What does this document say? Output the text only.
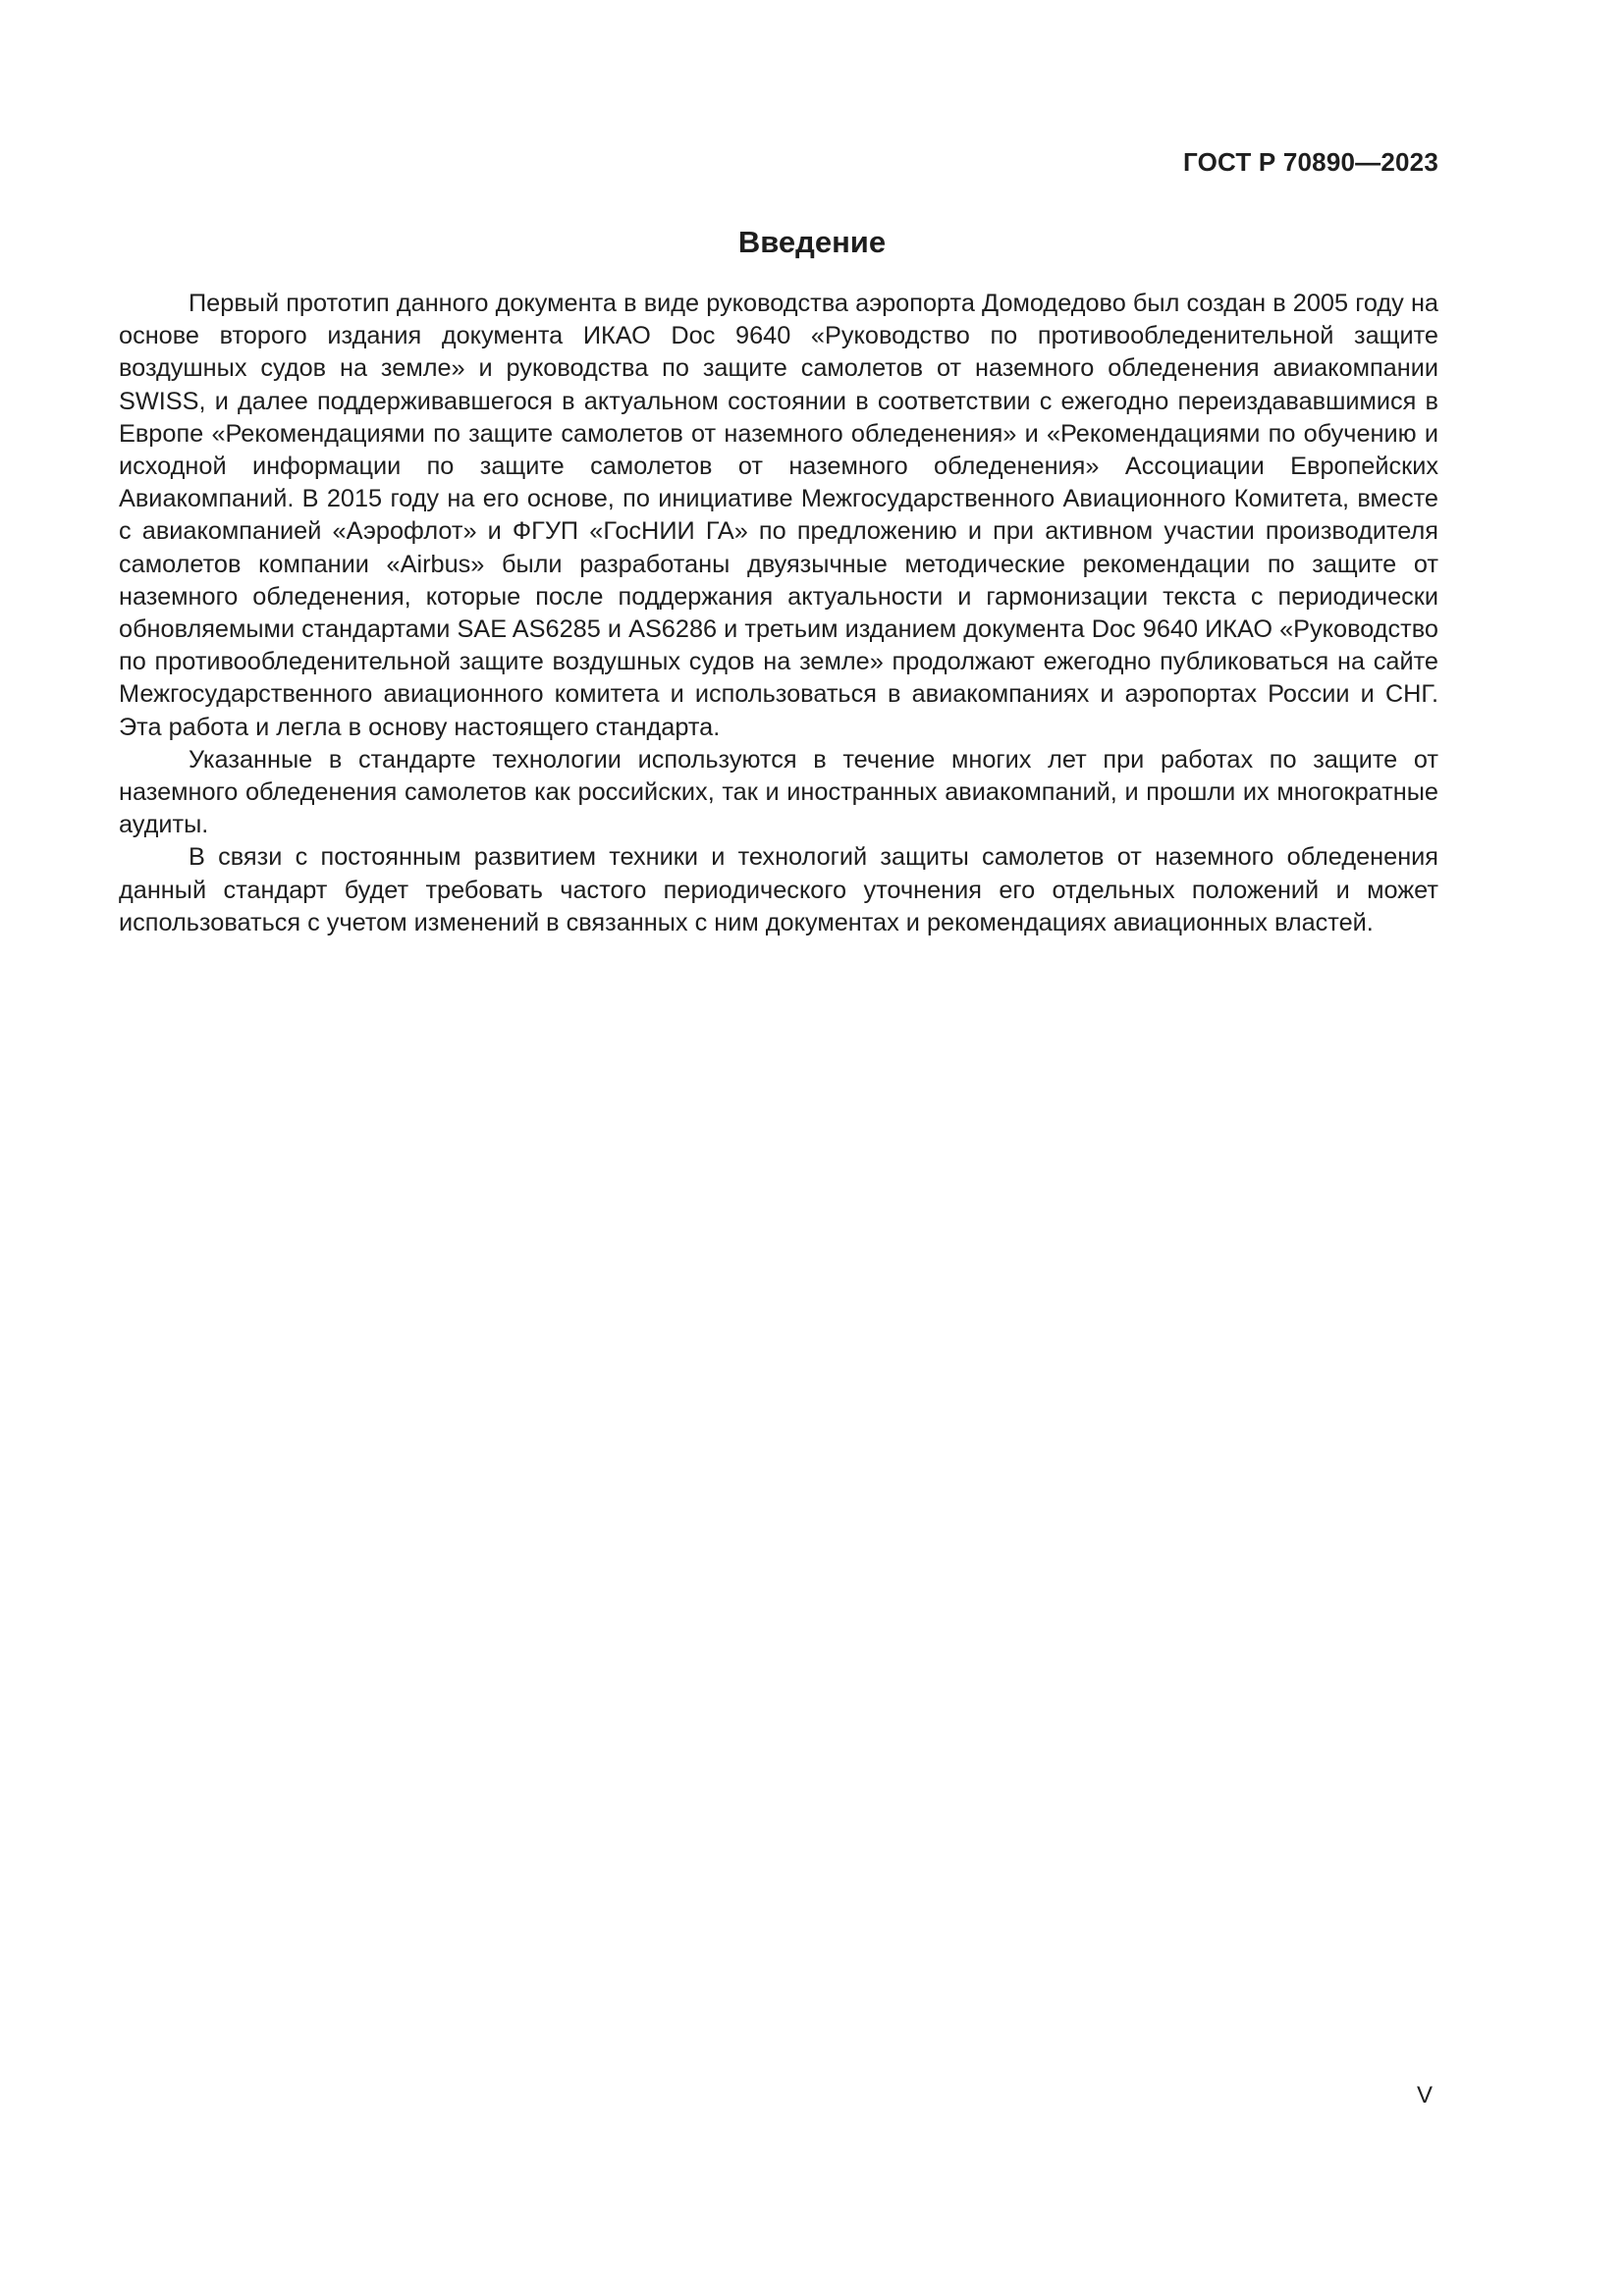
ГОСТ Р 70890—2023
Введение

Первый прототип данного документа в виде руководства аэропорта Домодедово был создан в 2005 году на основе второго издания документа ИКАО Doc 9640 «Руководство по противообледенительной защите воздушных судов на земле» и руководства по защите самолетов от наземного обледенения авиакомпании SWISS, и далее поддерживавшегося в актуальном состоянии в соответствии с ежегодно переиздававшимися в Европе «Рекомендациями по защите самолетов от наземного обледенения» и «Рекомендациями по обучению и исходной информации по защите самолетов от наземного обледенения» Ассоциации Европейских Авиакомпаний. В 2015 году на его основе, по инициативе Межгосударственного Авиационного Комитета, вместе с авиакомпанией «Аэрофлот» и ФГУП «ГосНИИ ГА» по предложению и при активном участии производителя самолетов компании «Airbus» были разработаны двуязычные методические рекомендации по защите от наземного обледенения, которые после поддержания актуальности и гармонизации текста с периодически обновляемыми стандартами SAE AS6285 и AS6286 и третьим изданием документа Doc 9640 ИКАО «Руководство по противообледенительной защите воздушных судов на земле» продолжают ежегодно публиковаться на сайте Межгосударственного авиационного комитета и использоваться в авиакомпаниях и аэропортах России и СНГ. Эта работа и легла в основу настоящего стандарта.

Указанные в стандарте технологии используются в течение многих лет при работах по защите от наземного обледенения самолетов как российских, так и иностранных авиакомпаний, и прошли их многократные аудиты.

В связи с постоянным развитием техники и технологий защиты самолетов от наземного обледенения данный стандарт будет требовать частого периодического уточнения его отдельных положений и может использоваться с учетом изменений в связанных с ним документах и рекомендациях авиационных властей.

V
